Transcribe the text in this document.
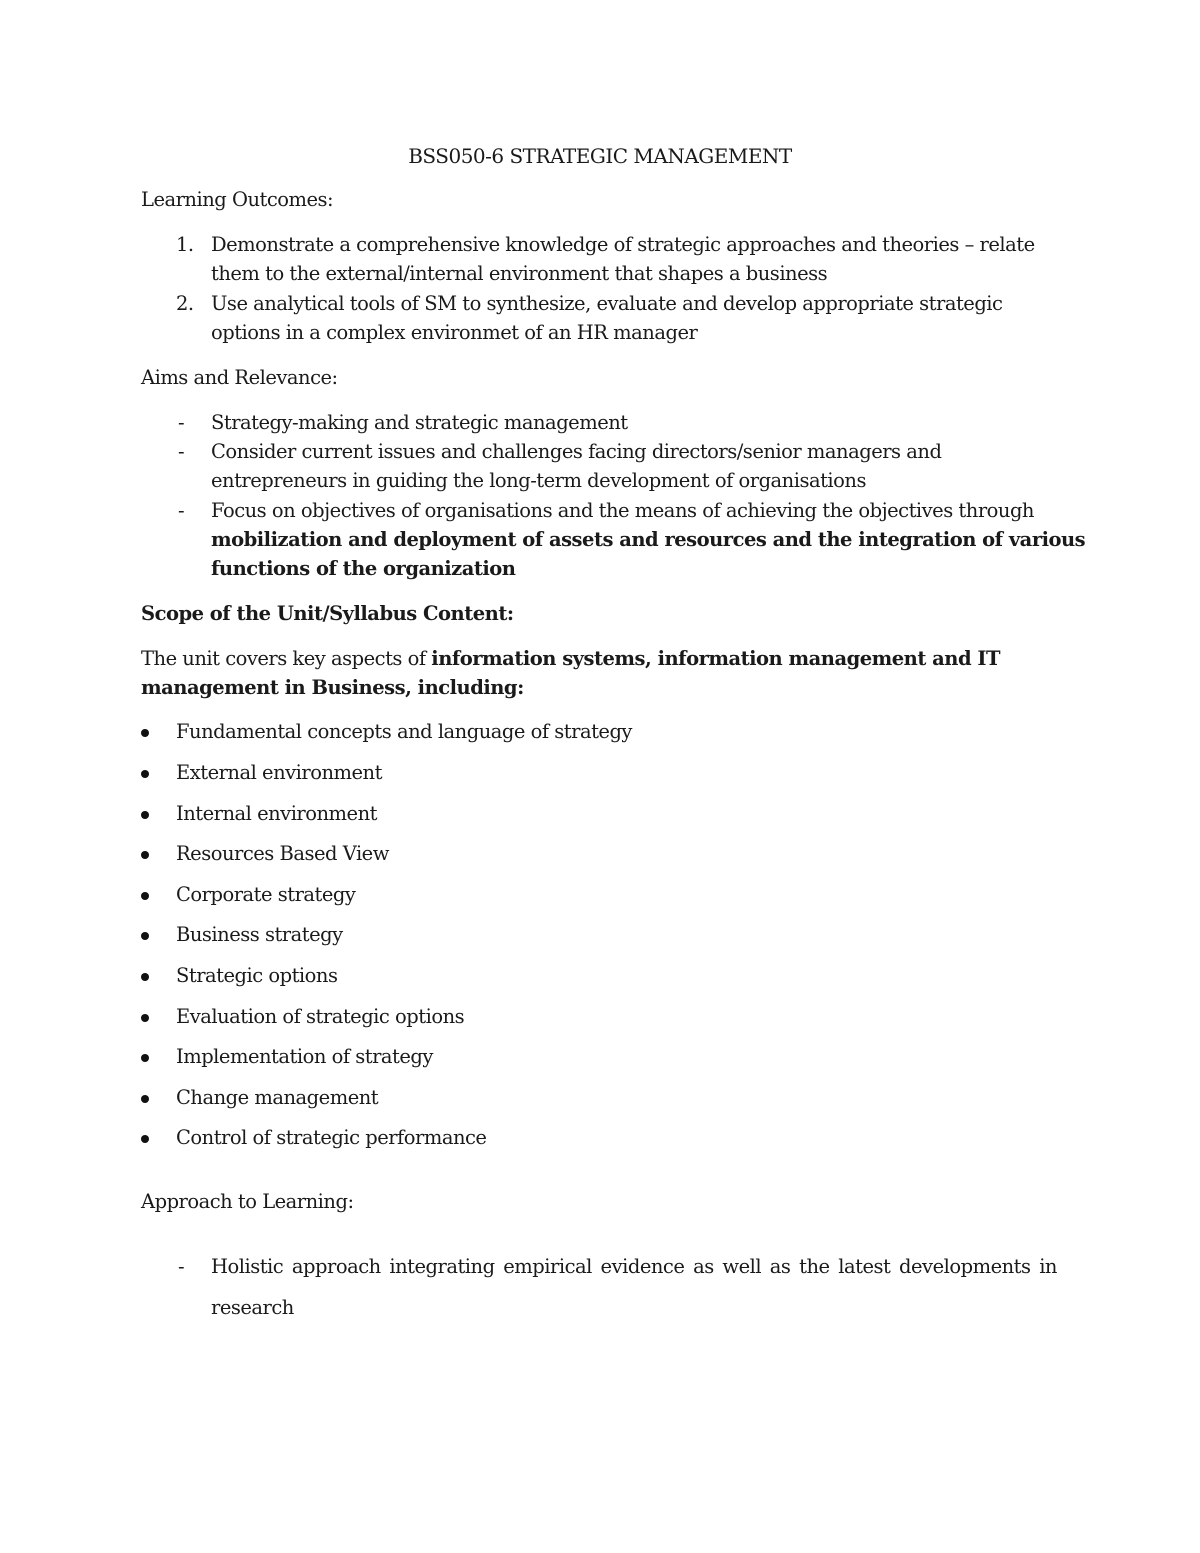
BSS050-6 STRATEGIC MANAGEMENT
Learning Outcomes:
1. Demonstrate a comprehensive knowledge of strategic approaches and theories – relate
them to the external/internal environment that shapes a business
2. Use analytical tools of SM to synthesize, evaluate and develop appropriate strategic
options in a complex environmet of an HR manager
Aims and Relevance:
- Strategy-making and strategic management
- Consider current issues and challenges facing directors/senior managers and
entrepreneurs in guiding the long-term development of organisations
- Focus on objectives of organisations and the means of achieving the objectives through
mobilization and deployment of assets and resources and the integration of various
functions of the organization
Scope of the Unit/Syllabus Content:
The unit covers key aspects of information systems, information management and IT
management in Business, including:
Fundamental concepts and language of strategy
External environment
Internal environment
Resources Based View
Corporate strategy
Business strategy
Strategic options
Evaluation of strategic options
Implementation of strategy
Change management
Control of strategic performance
Approach to Learning:
- Holistic approach integrating empirical evidence as well as the latest developments in
research
